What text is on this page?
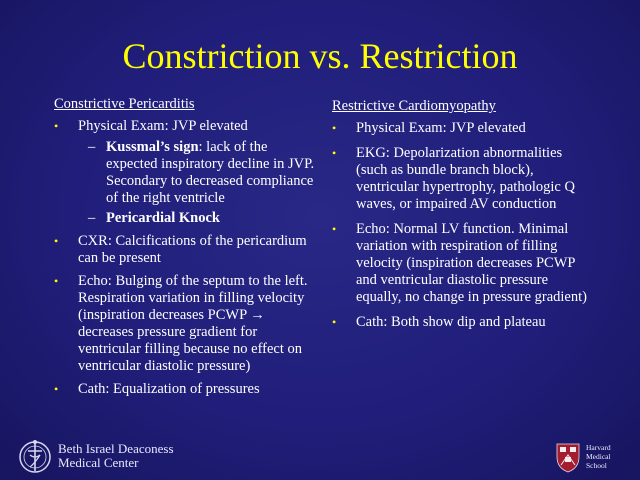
Constriction vs. Restriction
Constrictive Pericarditis
• Physical Exam: JVP elevated
– Kussmal’s sign: lack of the expected inspiratory decline in JVP. Secondary to decreased compliance of the right ventricle
– Pericardial Knock
• CXR: Calcifications of the pericardium can be present
• Echo: Bulging of the septum to the left. Respiration variation in filling velocity (inspiration decreases PCWP → decreases pressure gradient for ventricular filling because no effect on ventricular diastolic pressure)
• Cath: Equalization of pressures
Restrictive Cardiomyopathy
• Physical Exam: JVP elevated
• EKG: Depolarization abnormalities (such as bundle branch block), ventricular hypertrophy, pathologic Q waves, or impaired AV conduction
• Echo: Normal LV function. Minimal variation with respiration of filling velocity (inspiration decreases PCWP and ventricular diastolic pressure equally, no change in pressure gradient)
• Cath: Both show dip and plateau
Beth Israel Deaconess
Medical Center
Harvard
Medical
School
